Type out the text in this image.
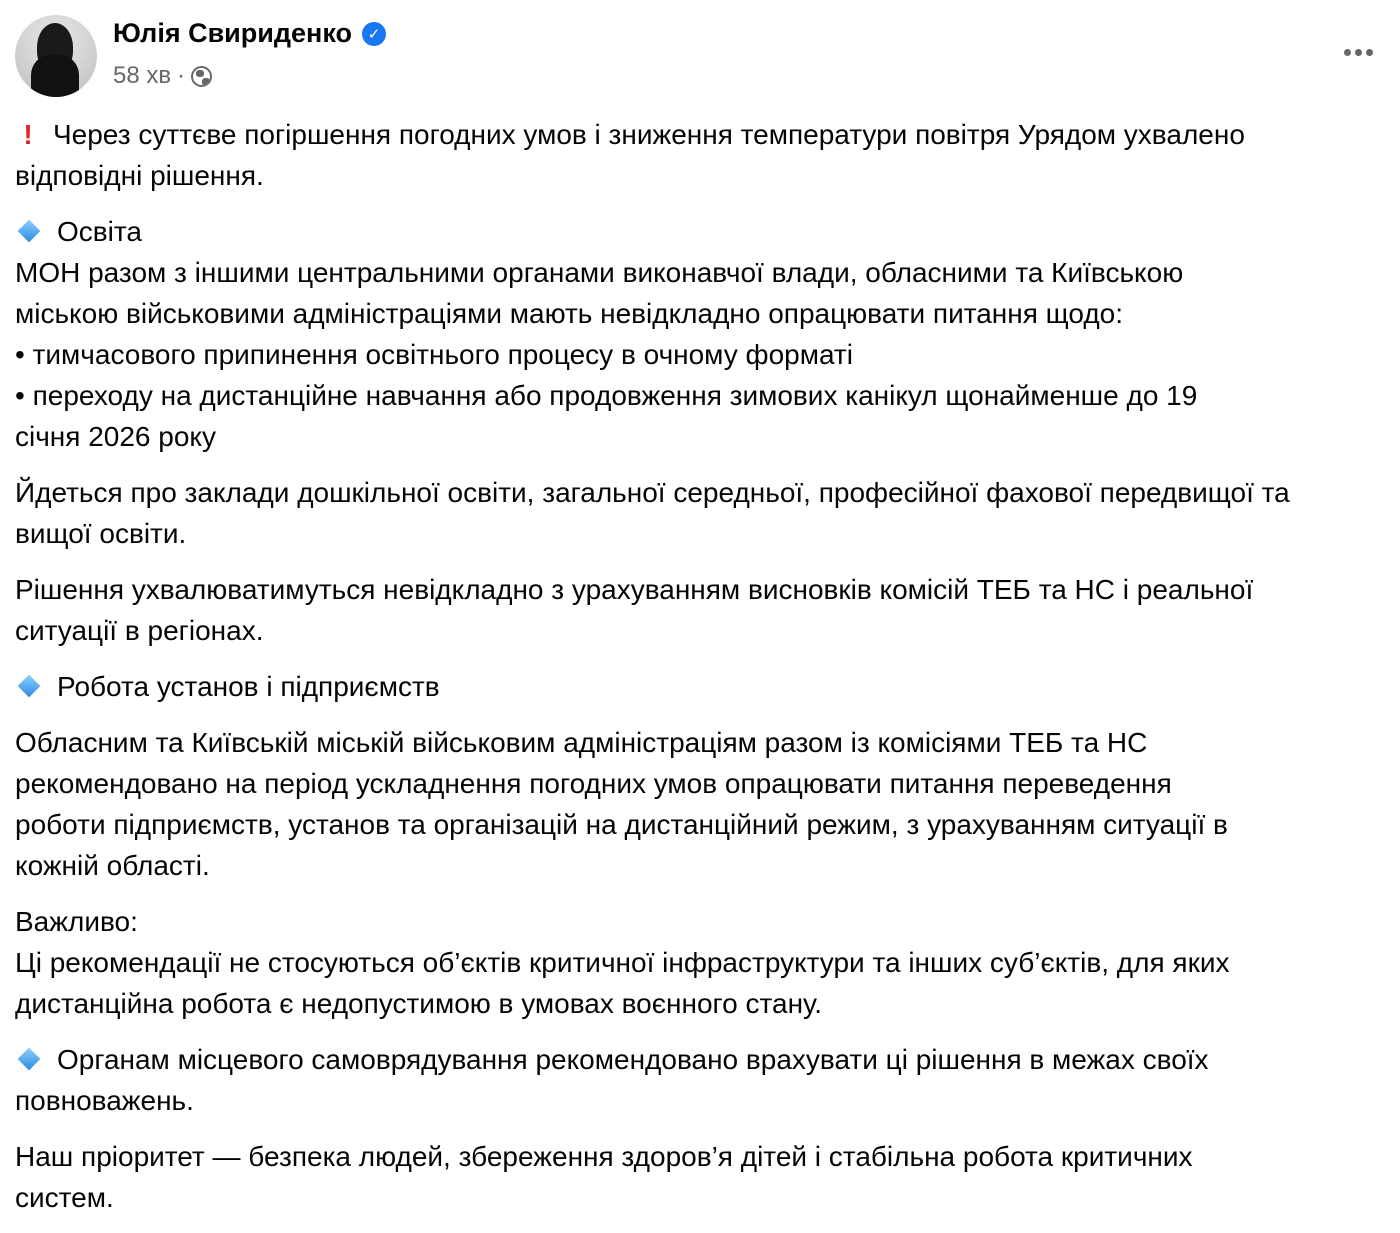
Юлія Свириденко	✓
58 хв ·
! Через суттєве погіршення погодних умов і зниження температури повітря Урядом ухвалено
відповідні рішення.
Освіта
МОН разом з іншими центральними органами виконавчої влади, обласними та Київською
міською військовими адміністраціями мають невідкладно опрацювати питання щодо:
• тимчасового припинення освітнього процесу в очному форматі
• переходу на дистанційне навчання або продовження зимових канікул щонайменше до 19
січня 2026 року
Йдеться про заклади дошкільної освіти, загальної середньої, професійної фахової передвищої та
вищої освіти.
Рішення ухвалюватимуться невідкладно з урахуванням висновків комісій ТЕБ та НС і реальної
ситуації в регіонах.
Робота установ і підприємств
Обласним та Київській міській військовим адміністраціям разом із комісіями ТЕБ та НС
рекомендовано на період ускладнення погодних умов опрацювати питання переведення
роботи підприємств, установ та організацій на дистанційний режим, з урахуванням ситуації в
кожній області.
Важливо:
Ці рекомендації не стосуються об’єктів критичної інфраструктури та інших суб’єктів, для яких
дистанційна робота є недопустимою в умовах воєнного стану.
Органам місцевого самоврядування рекомендовано врахувати ці рішення в межах своїх
повноважень.
Наш пріоритет — безпека людей, збереження здоров’я дітей і стабільна робота критичних
систем.
